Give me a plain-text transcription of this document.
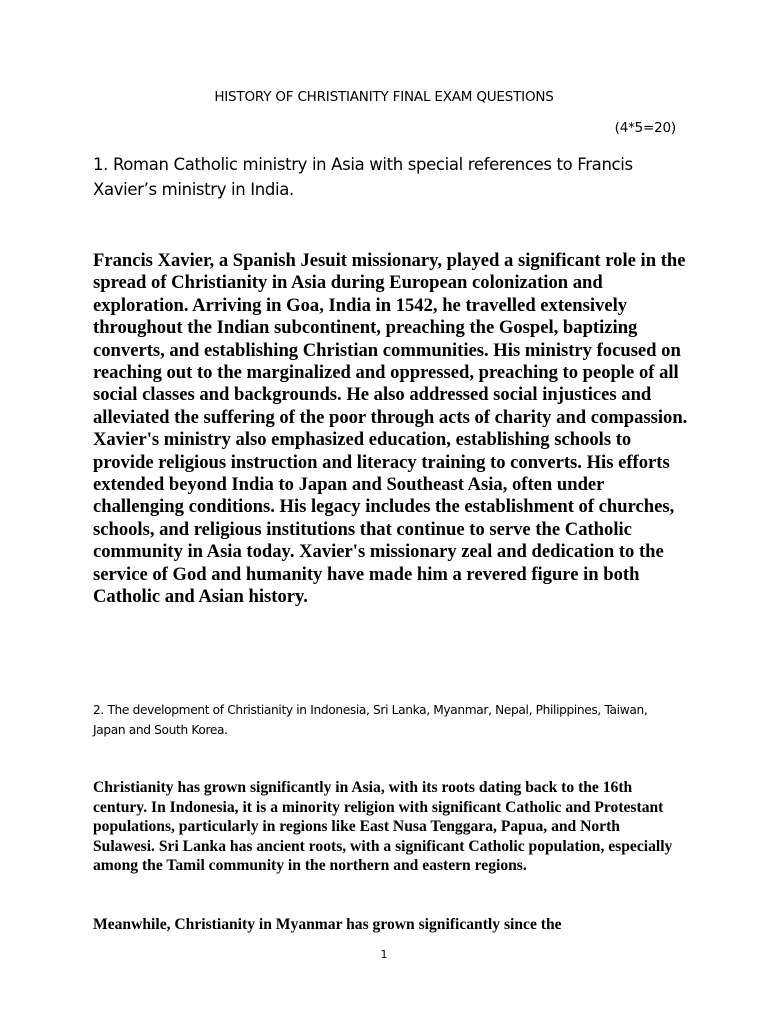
HISTORY OF CHRISTIANITY FINAL EXAM QUESTIONS
(4*5=20)
1. Roman Catholic ministry in Asia with special references to Francis Xavier’s ministry in India.

Francis Xavier, a Spanish Jesuit missionary, played a significant role in the spread of Christianity in Asia during European colonization and exploration. Arriving in Goa, India in 1542, he travelled extensively throughout the Indian subcontinent, preaching the Gospel, baptizing converts, and establishing Christian communities. His ministry focused on reaching out to the marginalized and oppressed, preaching to people of all social classes and backgrounds. He also addressed social injustices and alleviated the suffering of the poor through acts of charity and compassion. Xavier's ministry also emphasized education, establishing schools to provide religious instruction and literacy training to converts. His efforts extended beyond India to Japan and Southeast Asia, often under challenging conditions. His legacy includes the establishment of churches, schools, and religious institutions that continue to serve the Catholic community in Asia today. Xavier's missionary zeal and dedication to the service of God and humanity have made him a revered figure in both Catholic and Asian history.

2. The development of Christianity in Indonesia, Sri Lanka, Myanmar, Nepal, Philippines, Taiwan, Japan and South Korea.

Christianity has grown significantly in Asia, with its roots dating back to the 16th century. In Indonesia, it is a minority religion with significant Catholic and Protestant populations, particularly in regions like East Nusa Tenggara, Papua, and North Sulawesi. Sri Lanka has ancient roots, with a significant Catholic population, especially among the Tamil community in the northern and eastern regions.

Meanwhile, Christianity in Myanmar has grown significantly since the

1
